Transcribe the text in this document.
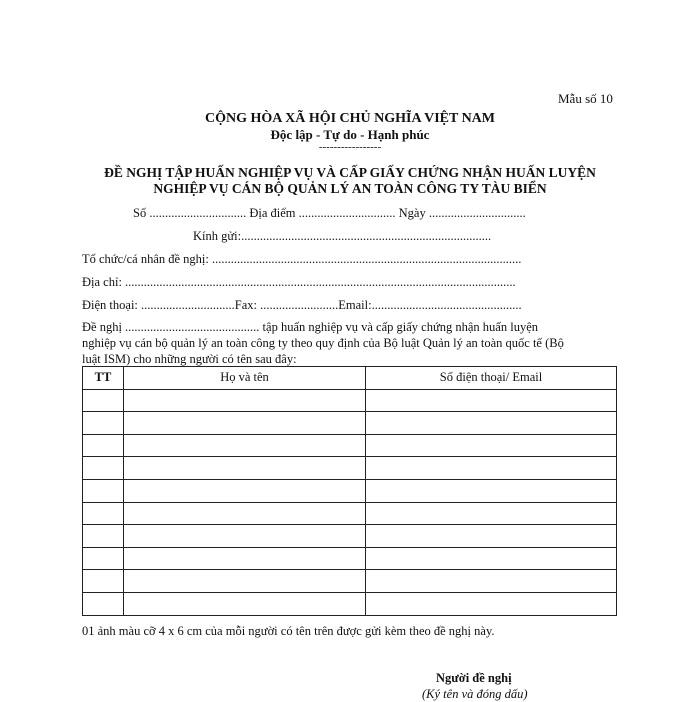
Mẫu số 10
CỘNG HÒA XÃ HỘI CHỦ NGHĨA VIỆT NAM
Độc lập - Tự do - Hạnh phúc
-----------------
ĐỀ NGHỊ TẬP HUẤN NGHIỆP VỤ VÀ CẤP GIẤY CHỨNG NHẬN HUẤN LUYỆN
NGHIỆP VỤ CÁN BỘ QUẢN LÝ AN TOÀN CÔNG TY TÀU BIỂN
Số ............................... Địa điểm ............................... Ngày ...............................
Kính gửi:................................................................................
Tổ chức/cá nhân đề nghị: ...................................................................................................
Địa chỉ: .............................................................................................................................
Điện thoại: ..............................Fax: .........................Email:................................................
Đề nghị ........................................... tập huấn nghiệp vụ và cấp giấy chứng nhận huấn luyện
nghiệp vụ cán bộ quản lý an toàn công ty theo quy định của Bộ luật Quản lý an toàn quốc tế (Bộ
luật ISM) cho những người có tên sau đây:
TT	Họ và tên	Số điện thoại/ Email

01 ảnh màu cỡ 4 x 6 cm của mỗi người có tên trên được gửi kèm theo đề nghị này.
Người đề nghị
(Ký tên và đóng dấu)
